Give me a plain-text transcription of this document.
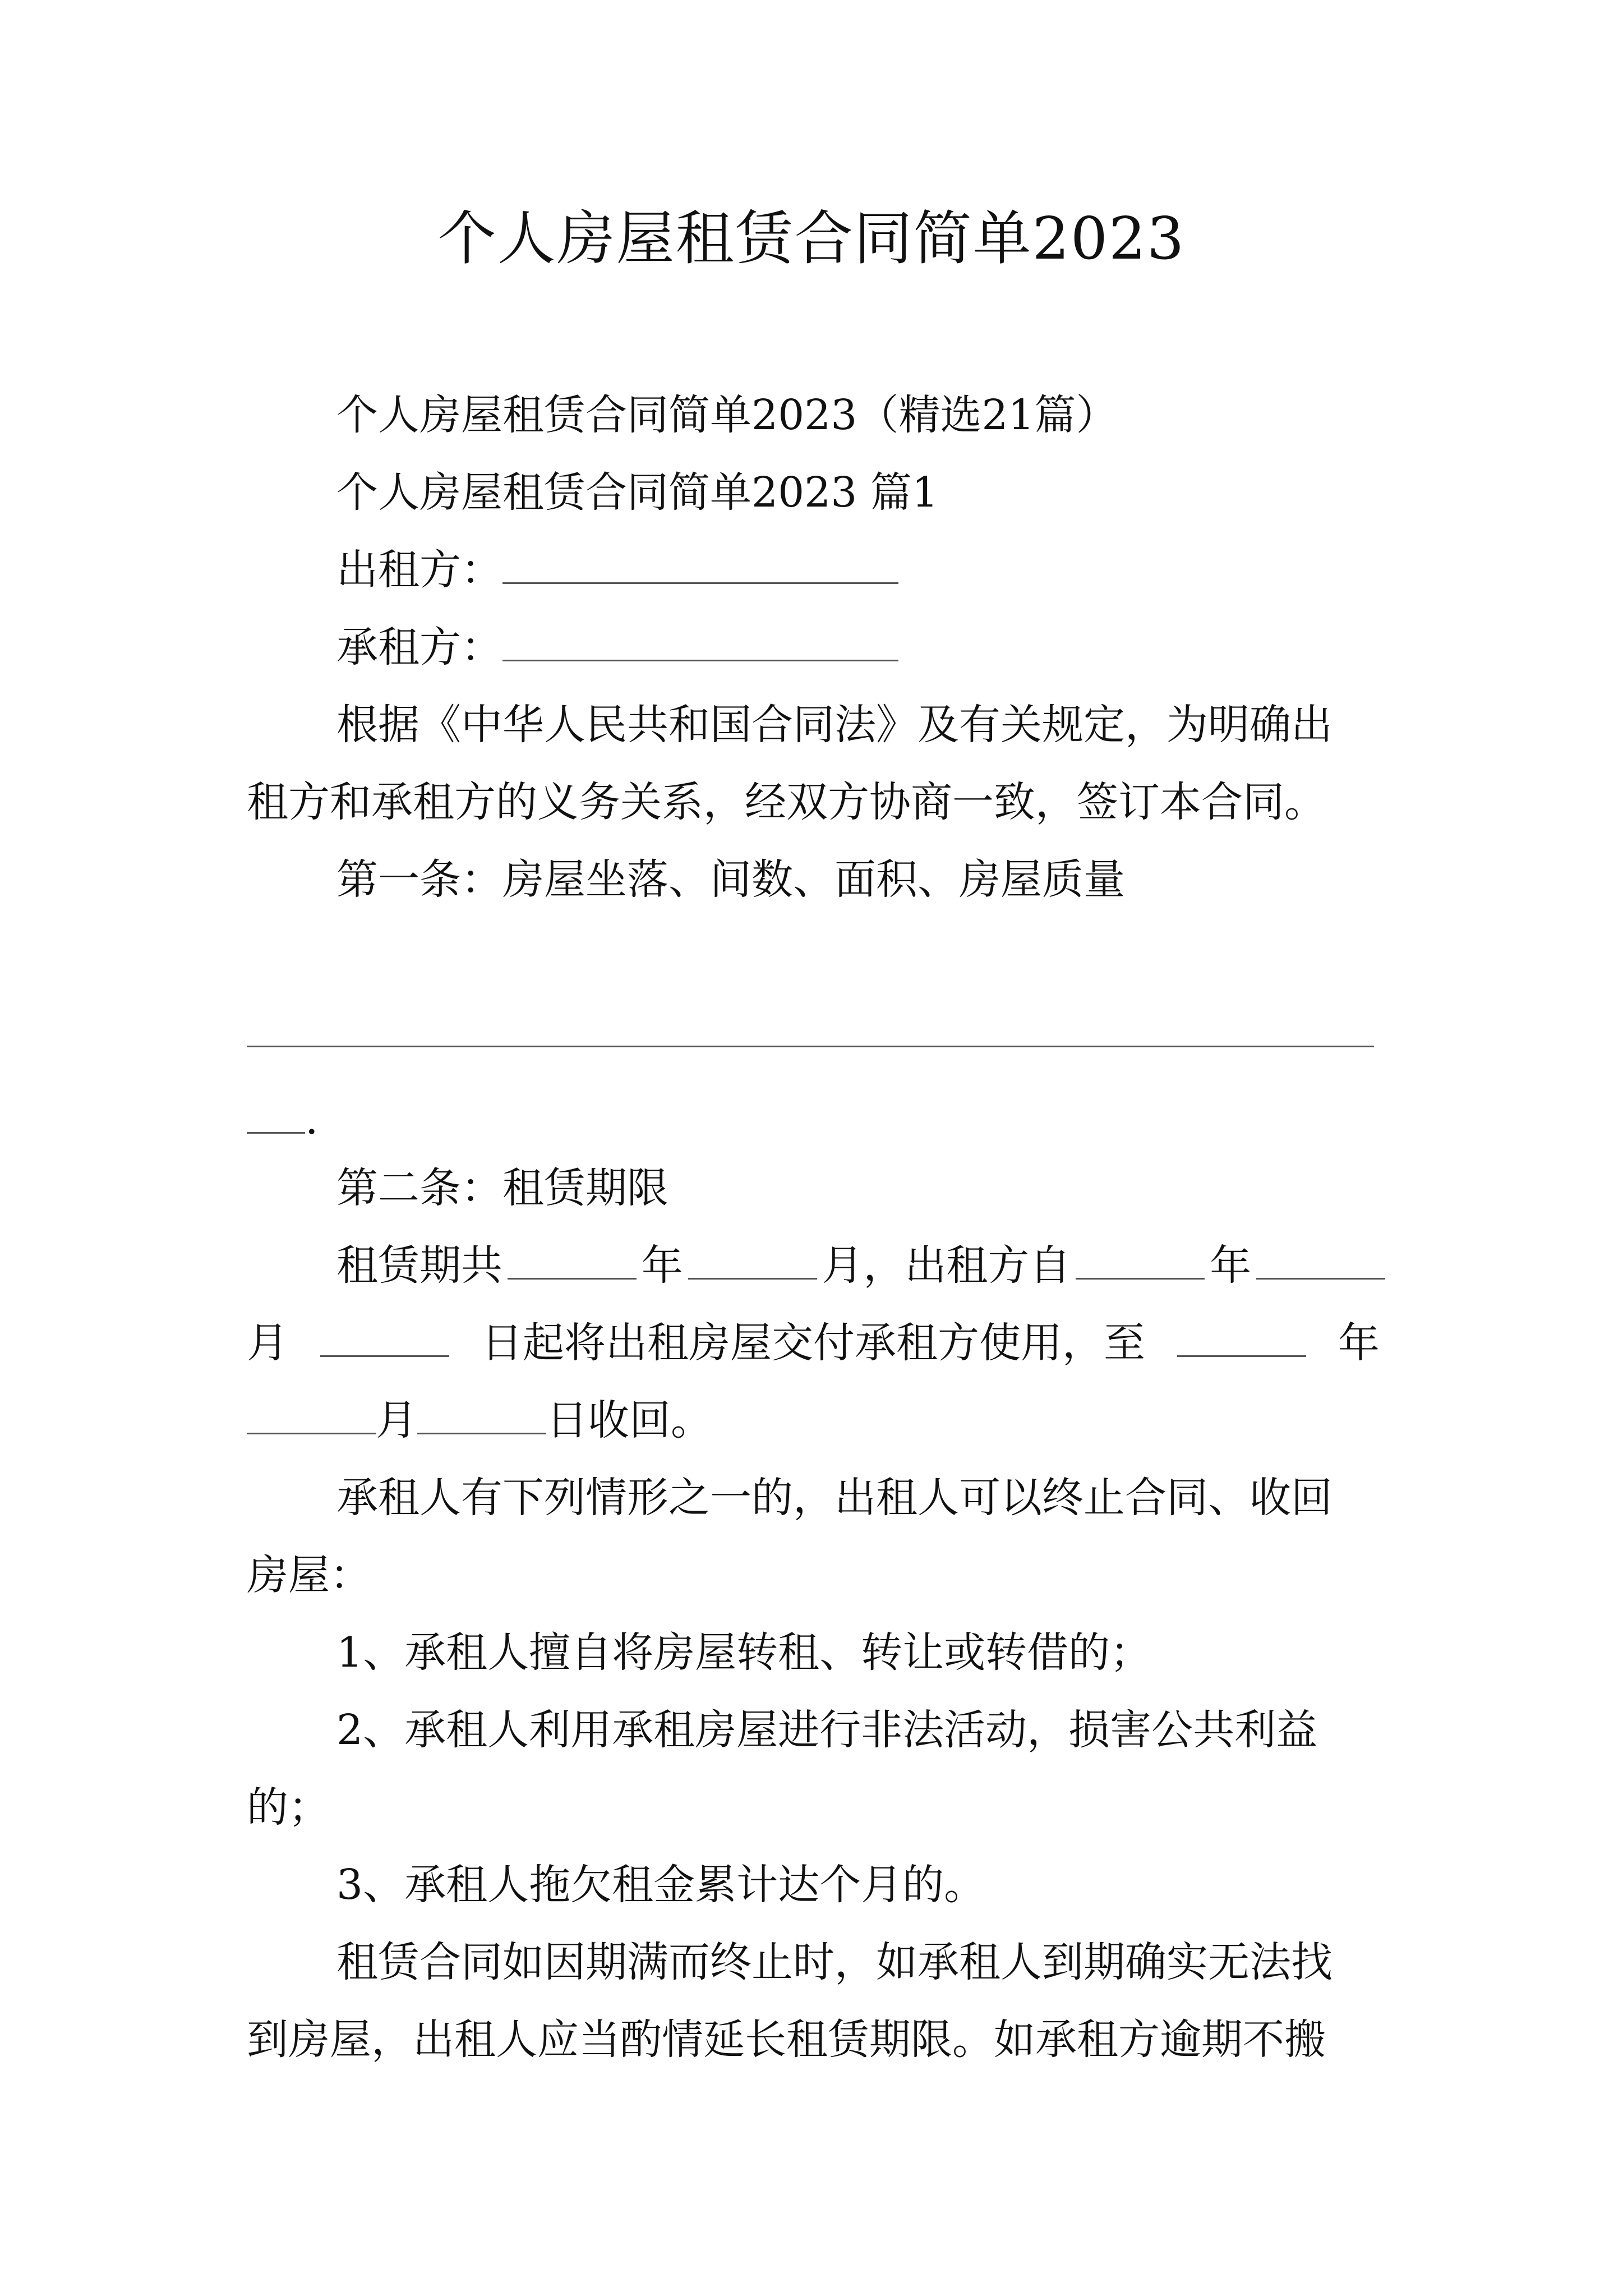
个人房屋租赁合同简单2023
个人房屋租赁合同简单2023（精选21篇）
个人房屋租赁合同简单2023 篇1
出租方：
承租方：
根据《中华人民共和国合同法》及有关规定，为明确出
租方和承租方的义务关系，经双方协商一致，签订本合同。
第一条：房屋坐落、间数、面积、房屋质量
.
第二条：租赁期限
租赁期共	年	月，出租方自	年
月	日起将出租房屋交付承租方使用，至	年
月	日收回。
承租人有下列情形之一的，出租人可以终止合同、收回
房屋：
1、承租人擅自将房屋转租、转让或转借的；
2、承租人利用承租房屋进行非法活动，损害公共利益
的；
3、承租人拖欠租金累计达个月的。
租赁合同如因期满而终止时，如承租人到期确实无法找
到房屋，出租人应当酌情延长租赁期限。如承租方逾期不搬
